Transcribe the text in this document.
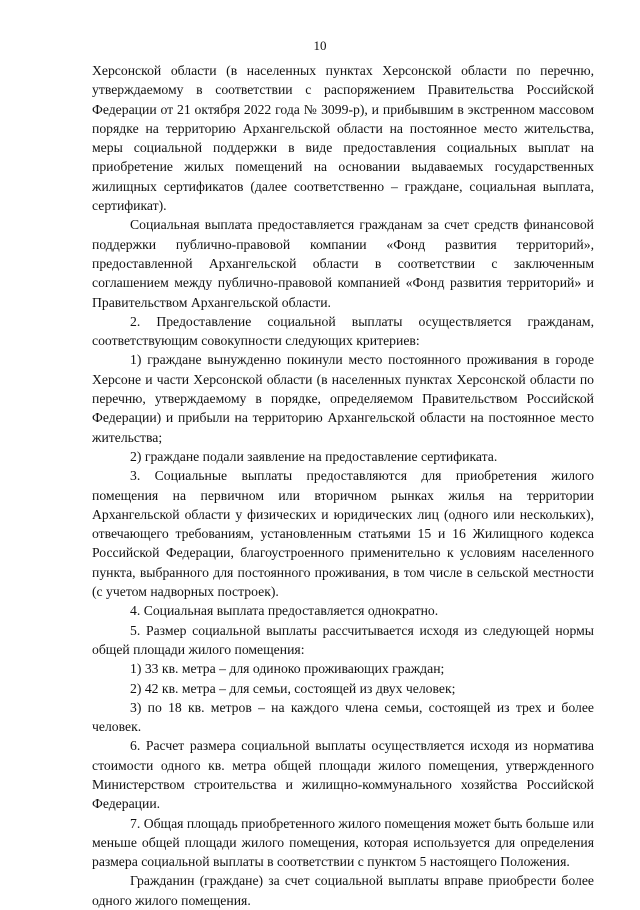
10

Херсонской области (в населенных пунктах Херсонской области по перечню, утверждаемому в соответствии с распоряжением Правительства Российской Федерации от 21 октября 2022 года № 3099-р), и прибывшим в экстренном массовом порядке на территорию Архангельской области на постоянное место жительства, меры социальной поддержки в виде предоставления социальных выплат на приобретение жилых помещений на основании выдаваемых государственных жилищных сертификатов (далее соответственно – граждане, социальная выплата, сертификат).

Социальная выплата предоставляется гражданам за счет средств финансовой поддержки публично-правовой компании «Фонд развития территорий», предоставленной Архангельской области в соответствии с заключенным соглашением между публично-правовой компанией «Фонд развития территорий» и Правительством Архангельской области.

2. Предоставление социальной выплаты осуществляется гражданам, соответствующим совокупности следующих критериев:

1) граждане вынужденно покинули место постоянного проживания в городе Херсоне и части Херсонской области (в населенных пунктах Херсонской области по перечню, утверждаемому в порядке, определяемом Правительством Российской Федерации) и прибыли на территорию Архангельской области на постоянное место жительства;

2) граждане подали заявление на предоставление сертификата.

3. Социальные выплаты предоставляются для приобретения жилого помещения на первичном или вторичном рынках жилья на территории Архангельской области у физических и юридических лиц (одного или нескольких), отвечающего требованиям, установленным статьями 15 и 16 Жилищного кодекса Российской Федерации, благоустроенного применительно к условиям населенного пункта, выбранного для постоянного проживания, в том числе в сельской местности (с учетом надворных построек).

4. Социальная выплата предоставляется однократно.

5. Размер социальной выплаты рассчитывается исходя из следующей нормы общей площади жилого помещения:

1) 33 кв. метра – для одиноко проживающих граждан;

2) 42 кв. метра – для семьи, состоящей из двух человек;

3) по 18 кв. метров – на каждого члена семьи, состоящей из трех и более человек.

6. Расчет размера социальной выплаты осуществляется исходя из норматива стоимости одного кв. метра общей площади жилого помещения, утвержденного Министерством строительства и жилищно-коммунального хозяйства Российской Федерации.

7. Общая площадь приобретенного жилого помещения может быть больше или меньше общей площади жилого помещения, которая используется для определения размера социальной выплаты в соответствии с пунктом 5 настоящего Положения.

Гражданин (граждане) за счет социальной выплаты вправе приобрести более одного жилого помещения.
